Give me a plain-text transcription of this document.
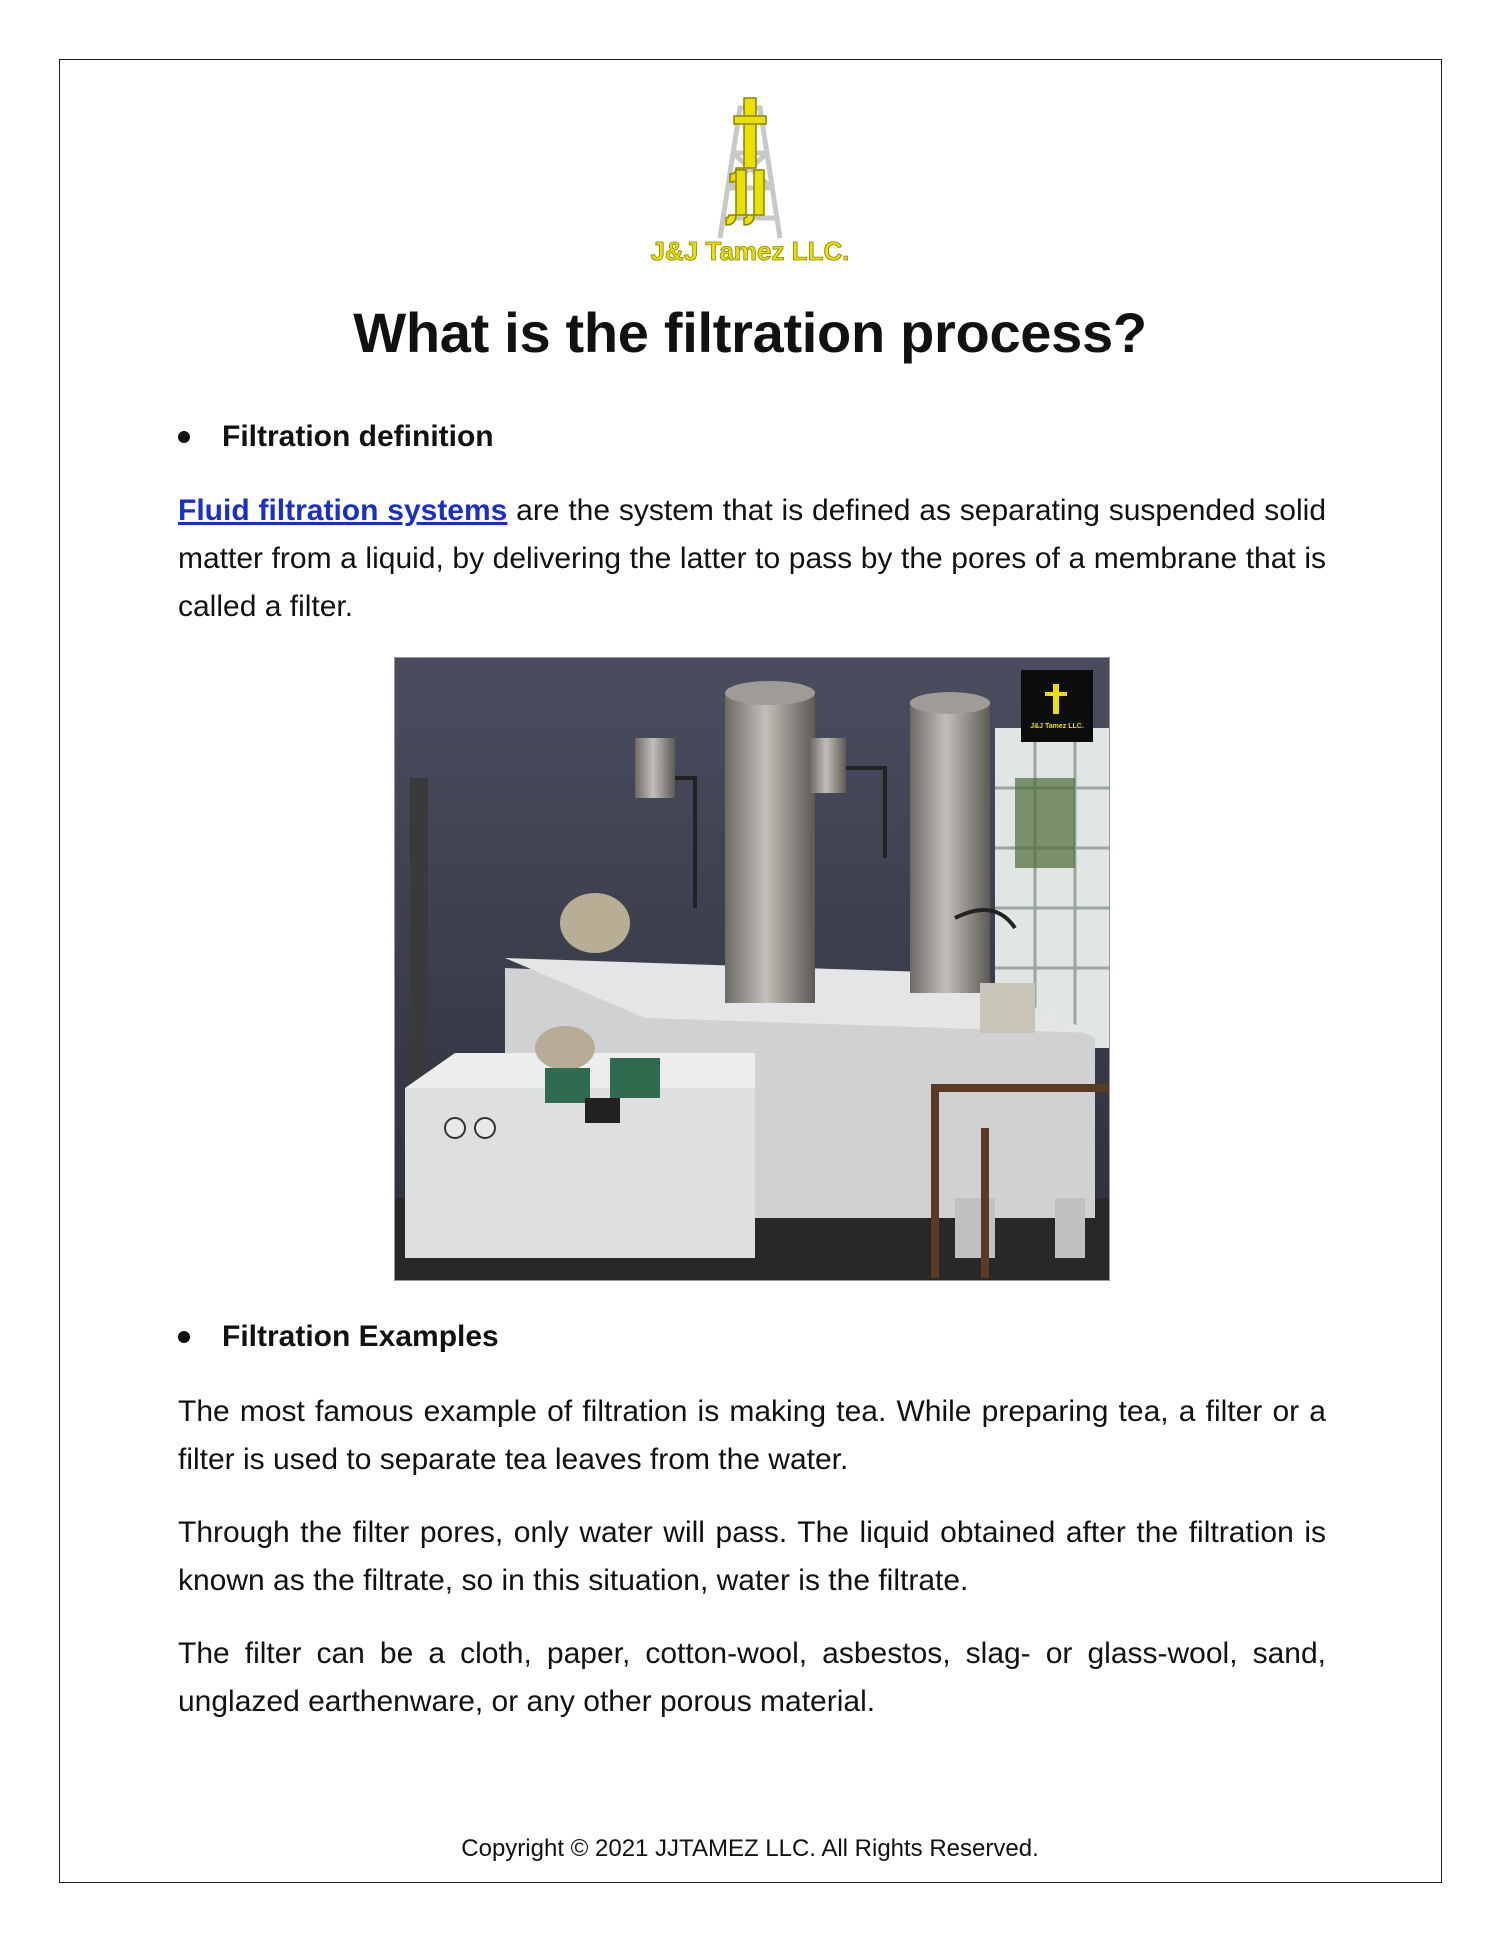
J&J Tamez LLC.
What is the filtration process?
Filtration definition

Fluid filtration systems are the system that is defined as separating suspended solid matter from a liquid, by delivering the latter to pass by the pores of a membrane that is called a filter.

J&J Tamez LLC.
Filtration Examples

The most famous example of filtration is making tea. While preparing tea, a filter or a filter is used to separate tea leaves from the water.

Through the filter pores, only water will pass. The liquid obtained after the filtration is known as the filtrate, so in this situation, water is the filtrate.

The filter can be a cloth, paper, cotton-wool, asbestos, slag- or glass-wool, sand, unglazed earthenware, or any other porous material.

Copyright © 2021 JJTAMEZ LLC. All Rights Reserved.
